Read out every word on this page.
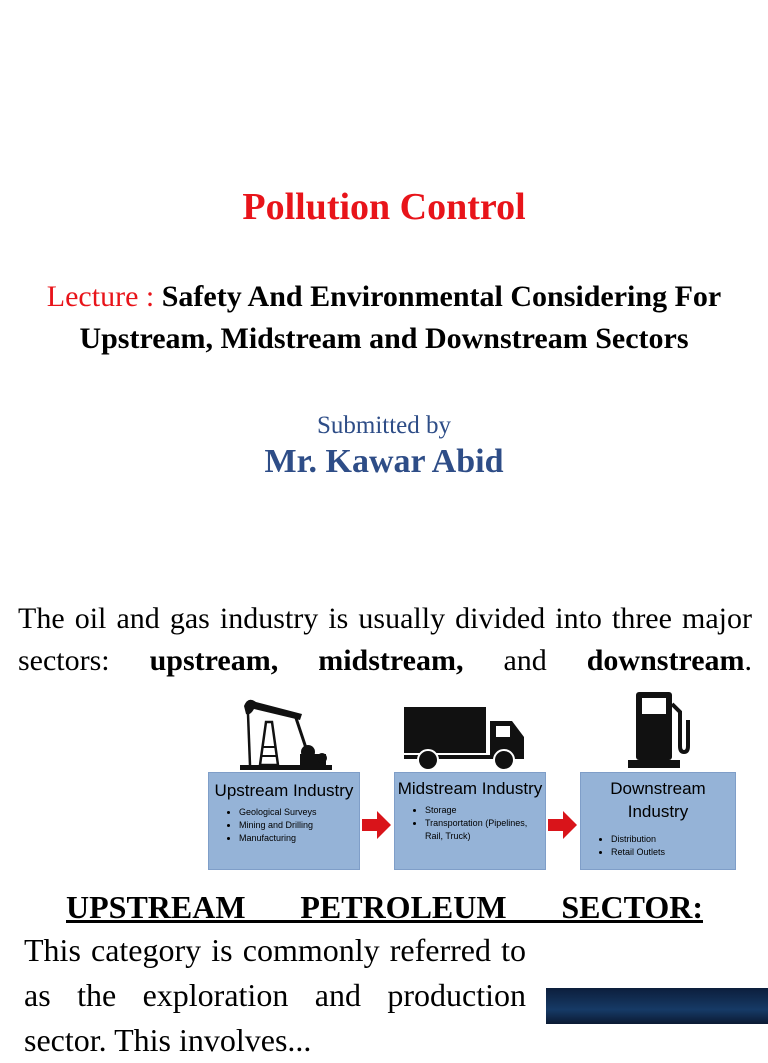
Pollution Control
Lecture : Safety And Environmental Considering For Upstream, Midstream and Downstream Sectors
Submitted by
Mr. Kawar Abid
The oil and gas industry is usually divided into three major sectors: upstream, midstream, and downstream.
Upstream Industry
• Geological Surveys
• Mining and Drilling
• Manufacturing
Midstream Industry
• Storage
• Transportation (Pipelines, Rail, Truck)
Downstream Industry
• Distribution
• Retail Outlets
UPSTREAM PETROLEUM SECTOR:
This category is commonly referred to as the exploration and production sector. This involves...
